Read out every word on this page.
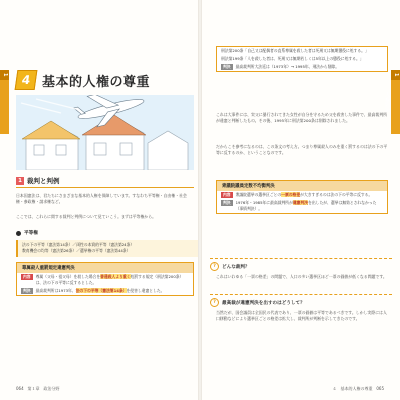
1	4 基本的人権の尊重
1 裁判と判例
日本国憲法は、君たちにさまざまな基本的人権を保障しています。すなわち平等権・自由権・社会権・参政権・請求権など。
ここでは、これらに関する裁判と判例について見ていこう。まずは平等権から。
平等権
法の下の平等（憲法第14条）／両性の本質的平等（憲法第24条）
教育機会の均等（憲法第26条）／選挙権の平等（憲法第44条）
尊属殺人重罰規定違憲判決
内容	尊属（父母・祖父母）を殺した場合を普通殺人より重く処罰する規定（刑法第200条）は、法の下の平等に反するとした。
判決	最高裁判所は1973年、法の下の平等（憲法第14条）を侵害し違憲とした。
064 第１章　政治分野
1
人権総論
刑法第200条「自己又は配偶者の直系尊属を殺した者は死刑又は無期懲役に処する。」
刑法第199条「人を殺した者は、死刑又は無期若しくは5年以上の懲役に処する。」
判決	最高裁判所大法廷は（1973年）→ 1995年、刑法から削除。
これは大事件には、実父に暴行されてきた女性が自分を守るため父を殺害した事件で、最高裁判所が違憲と判断したもの。その後、1995年に刑法第200条は削除されました。
だからこそ参考になるのは、この条文の考え方。つまり尊属殺人のみを重く罰するのは法の下の平等に反するのか、ということなのです。
衆議院議員定数不均衡判決
内容	衆議院選挙の選挙区ごとの一票の格差が大きすぎるのは法の下の平等に反する。
判決	1976年・1985年に最高裁判所が違憲判決を出したが、選挙は無効とされなかった（事情判決）。
?	どんな裁判？
これはいわゆる「一票の格差」の問題で、人口の多い選挙区ほど一票の価値が低くなる問題です。
?	最高裁が違憲判決を出すのはどうして？
当然だが、国会議員は全国民の代表であり、一票の価値は平等であるべきです。しかし実際には人口移動などにより選挙区ごとの格差は拡大し、裁判所が判断を示してきたのです。
４　基本的人権の尊重 065
